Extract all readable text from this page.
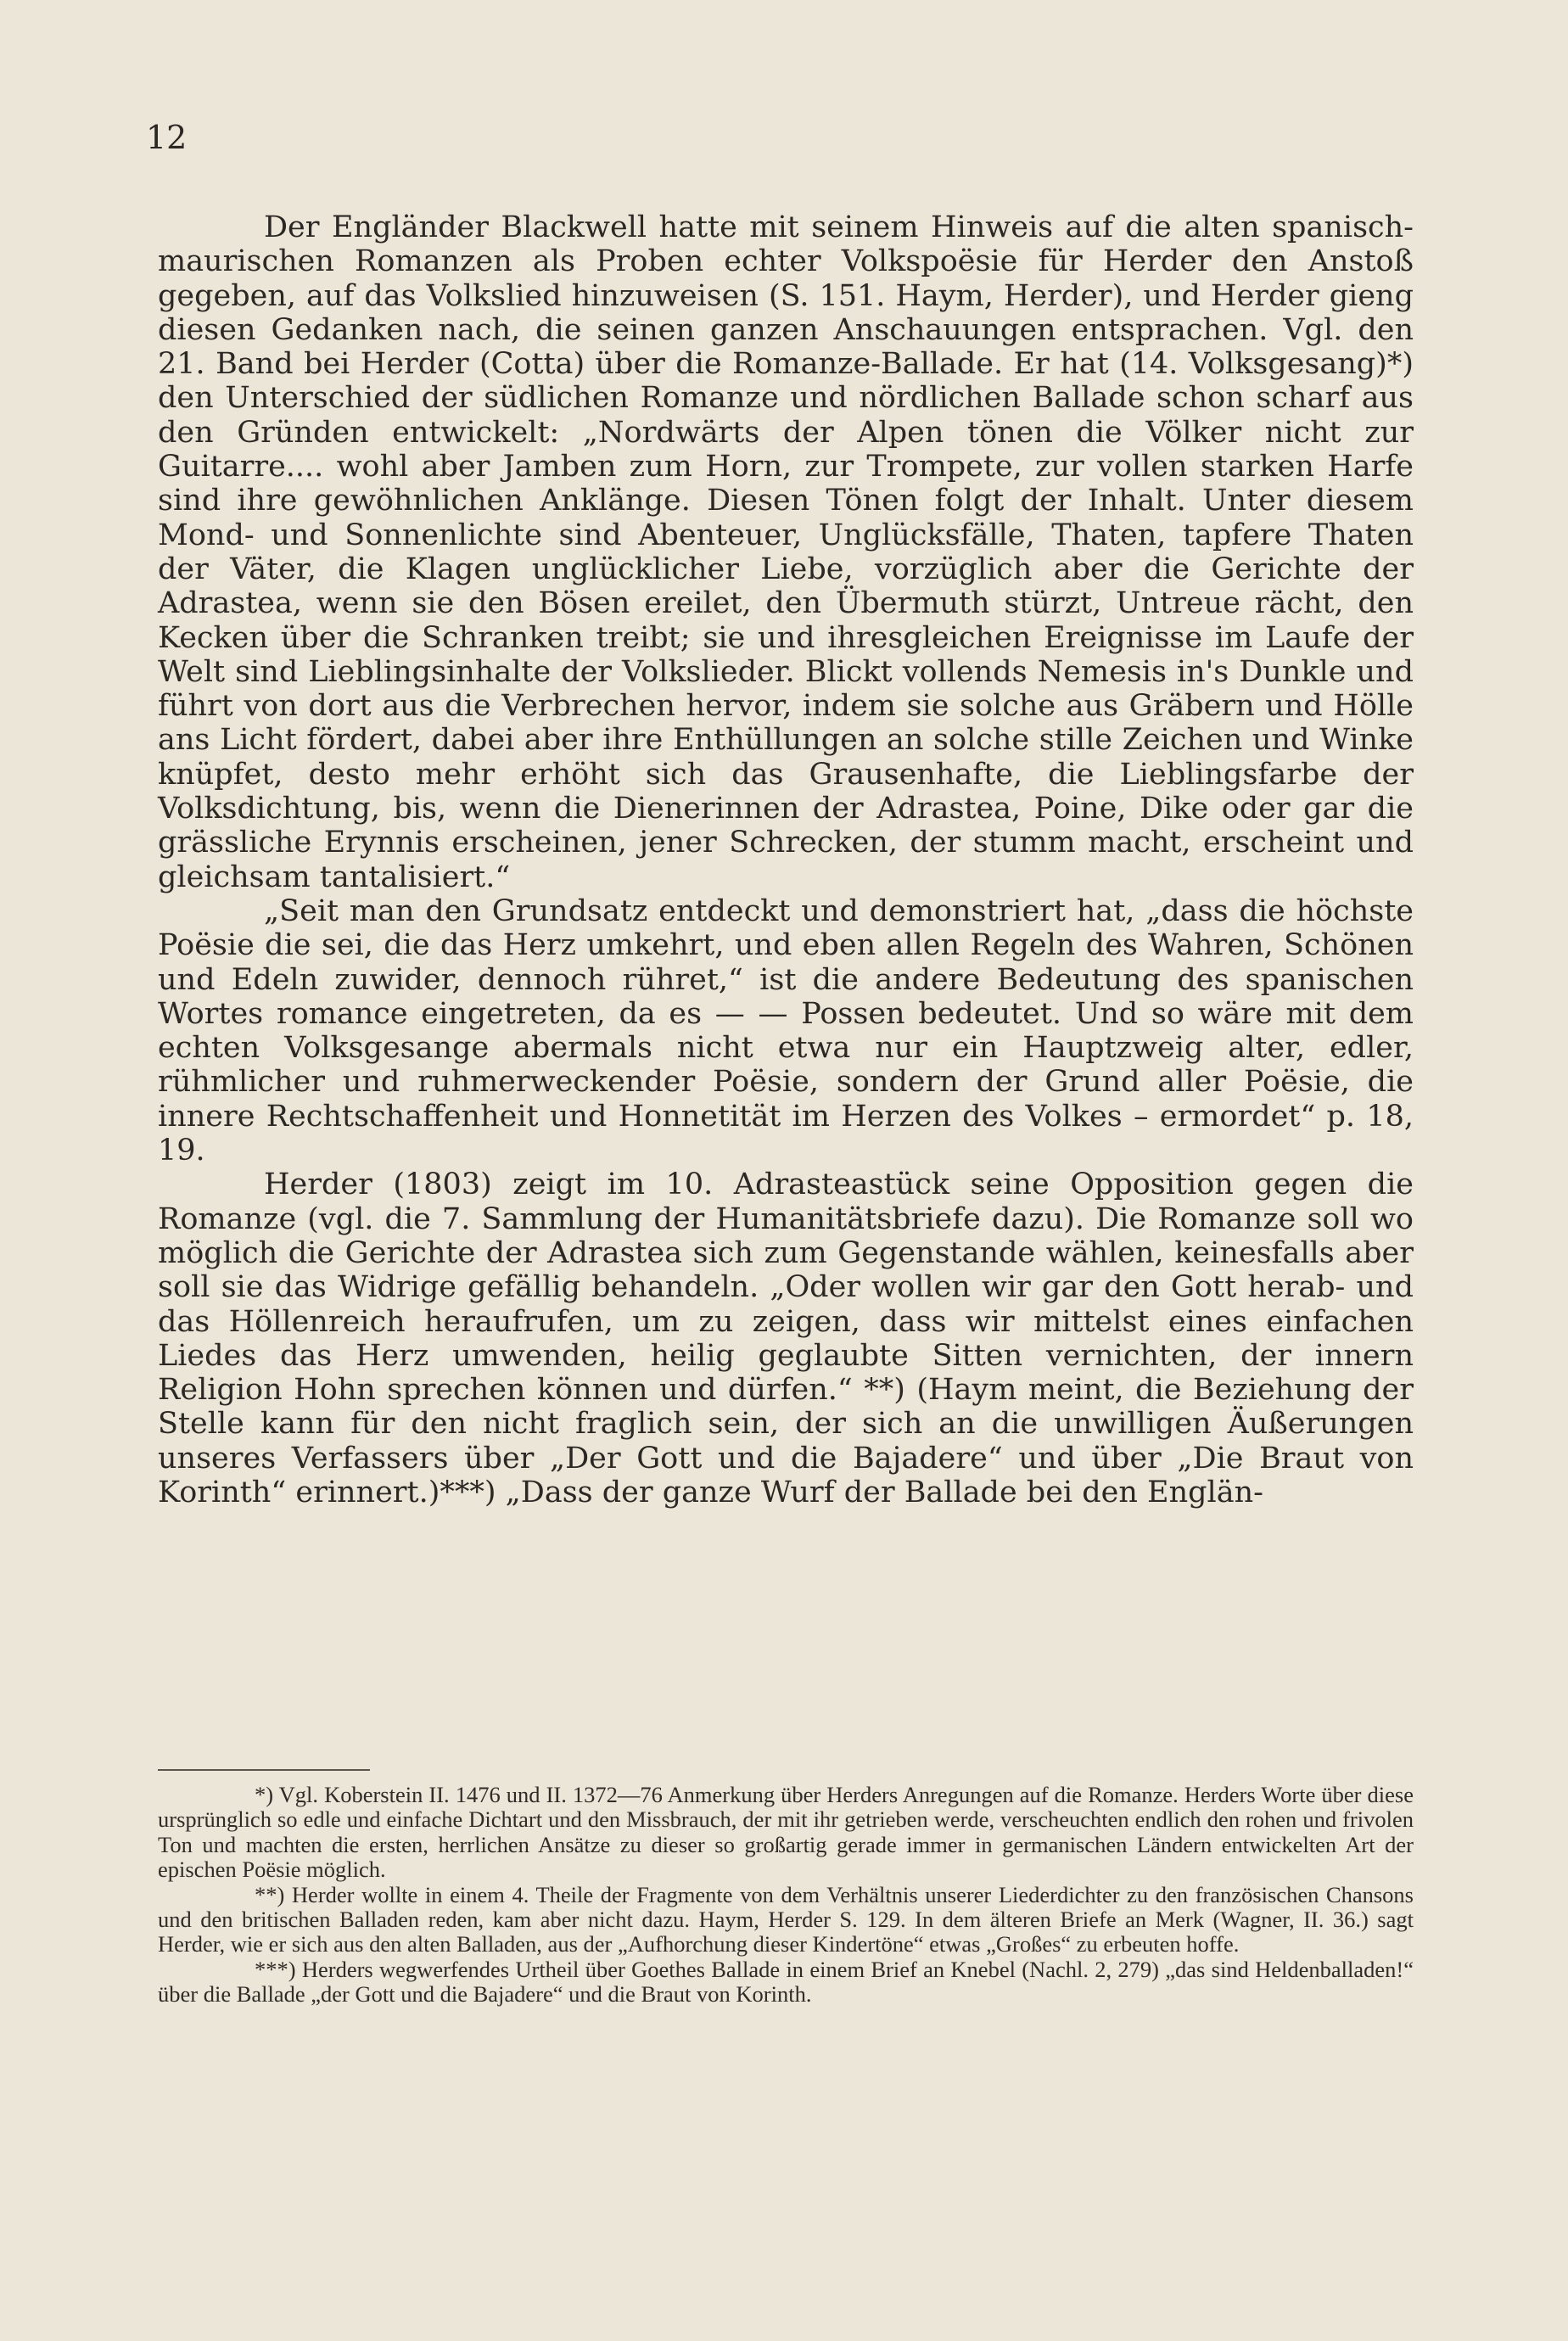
12

Der Engländer Blackwell hatte mit seinem Hinweis auf die alten spanisch-maurischen Romanzen als Proben echter Volkspoësie für Herder den Anstoß gegeben, auf das Volkslied hinzuweisen (S. 151. Haym, Herder), und Herder gieng diesen Gedanken nach, die seinen ganzen Anschauungen entsprachen. Vgl. den 21. Band bei Herder (Cotta) über die Romanze-Ballade. Er hat (14. Volksgesang)*) den Unterschied der südlichen Romanze und nördlichen Ballade schon scharf aus den Gründen entwickelt: „Nordwärts der Alpen tönen die Völker nicht zur Guitarre.... wohl aber Jamben zum Horn, zur Trompete, zur vollen starken Harfe sind ihre gewöhnlichen Anklänge. Diesen Tönen folgt der Inhalt. Unter diesem Mond- und Sonnenlichte sind Abenteuer, Unglücksfälle, Thaten, tapfere Thaten der Väter, die Klagen unglücklicher Liebe, vorzüglich aber die Gerichte der Adrastea, wenn sie den Bösen ereilet, den Übermuth stürzt, Untreue rächt, den Kecken über die Schranken treibt; sie und ihresgleichen Ereignisse im Laufe der Welt sind Lieblingsinhalte der Volkslieder. Blickt vollends Nemesis in's Dunkle und führt von dort aus die Verbrechen hervor, indem sie solche aus Gräbern und Hölle ans Licht fördert, dabei aber ihre Enthüllungen an solche stille Zeichen und Winke knüpfet, desto mehr erhöht sich das Grausenhafte, die Lieblingsfarbe der Volksdichtung, bis, wenn die Dienerinnen der Adrastea, Poine, Dike oder gar die grässliche Erynnis erscheinen, jener Schrecken, der stumm macht, erscheint und gleichsam tantalisiert.“

„Seit man den Grundsatz entdeckt und demonstriert hat, „dass die höchste Poësie die sei, die das Herz umkehrt, und eben allen Regeln des Wahren, Schönen und Edeln zuwider, dennoch rühret,“ ist die andere Bedeutung des spanischen Wortes romance eingetreten, da es — — Possen bedeutet. Und so wäre mit dem echten Volksgesange abermals nicht etwa nur ein Hauptzweig alter, edler, rühmlicher und ruhmerweckender Poësie, sondern der Grund aller Poësie, die innere Rechtschaffenheit und Honnetität im Herzen des Volkes – ermordet“ p. 18, 19.

Herder (1803) zeigt im 10. Adrasteastück seine Opposition gegen die Romanze (vgl. die 7. Sammlung der Humanitätsbriefe dazu). Die Romanze soll wo möglich die Gerichte der Adrastea sich zum Gegenstande wählen, keinesfalls aber soll sie das Widrige gefällig behandeln. „Oder wollen wir gar den Gott herab- und das Höllenreich heraufrufen, um zu zeigen, dass wir mittelst eines einfachen Liedes das Herz umwenden, heilig geglaubte Sitten vernichten, der innern Religion Hohn sprechen können und dürfen.“ **) (Haym meint, die Beziehung der Stelle kann für den nicht fraglich sein, der sich an die unwilligen Äußerungen unseres Verfassers über „Der Gott und die Bajadere“ und über „Die Braut von Korinth“ erinnert.)***) „Dass der ganze Wurf der Ballade bei den Englän-

*) Vgl. Koberstein II. 1476 und II. 1372—76 Anmerkung über Herders Anregungen auf die Romanze. Herders Worte über diese ursprünglich so edle und einfache Dichtart und den Missbrauch, der mit ihr getrieben werde, verscheuchten endlich den rohen und frivolen Ton und machten die ersten, herrlichen Ansätze zu dieser so großartig gerade immer in germanischen Ländern entwickelten Art der epischen Poësie möglich.

**) Herder wollte in einem 4. Theile der Fragmente von dem Verhältnis unserer Liederdichter zu den französischen Chansons und den britischen Balladen reden, kam aber nicht dazu. Haym, Herder S. 129. In dem älteren Briefe an Merk (Wagner, II. 36.) sagt Herder, wie er sich aus den alten Balladen, aus der „Aufhorchung dieser Kindertöne“ etwas „Großes“ zu erbeuten hoffe.

***) Herders wegwerfendes Urtheil über Goethes Ballade in einem Brief an Knebel (Nachl. 2, 279) „das sind Heldenballaden!“ über die Ballade „der Gott und die Bajadere“ und die Braut von Korinth.
